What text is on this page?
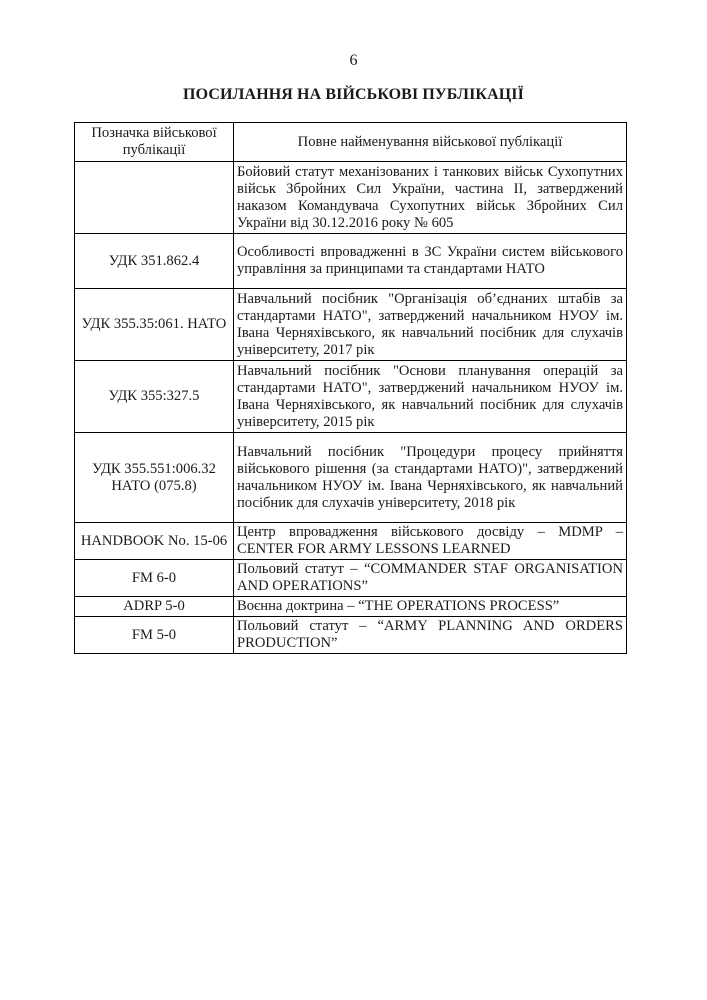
6
ПОСИЛАННЯ НА ВІЙСЬКОВІ ПУБЛІКАЦІЇ
Позначка військової публікації	Повне найменування військової публікації
	Бойовий статут механізованих і танкових військ Сухопутних військ Збройних Сил України, частина ІІ, затверджений наказом Командувача Сухопутних військ Збройних Сил України від 30.12.2016 року № 605
УДК 351.862.4	Особливості впровадженні в ЗС України систем військового управління за принципами та стандартами НАТО
УДК 355.35:061. НАТО	Навчальний посібник "Організація об’єднаних штабів за стандартами НАТО", затверджений начальником НУОУ ім. Івана Черняхівського, як навчальний посібник для слухачів університету, 2017 рік
УДК 355:327.5	Навчальний посібник "Основи планування операцій за стандартами НАТО", затверджений начальником НУОУ ім. Івана Черняхівського, як навчальний посібник для слухачів університету, 2015 рік
УДК 355.551:006.32 НАТО (075.8)	Навчальний посібник "Процедури процесу прийняття військового рішення (за стандартами НАТО)", затверджений начальником НУОУ ім. Івана Черняхівського, як навчальний посібник для слухачів університету, 2018 рік
HANDBOOK No. 15-06	Центр впровадження військового досвіду – MDMP – CENTER FOR ARMY LESSONS LEARNED
FM 6-0	Польовий статут – “COMMANDER STAF ORGANISATION AND OPERATIONS”
ADRP 5-0	Воєнна доктрина – “THE OPERATIONS PROCESS”
FM 5-0	Польовий статут – “ARMY PLANNING AND ORDERS PRODUCTION”
